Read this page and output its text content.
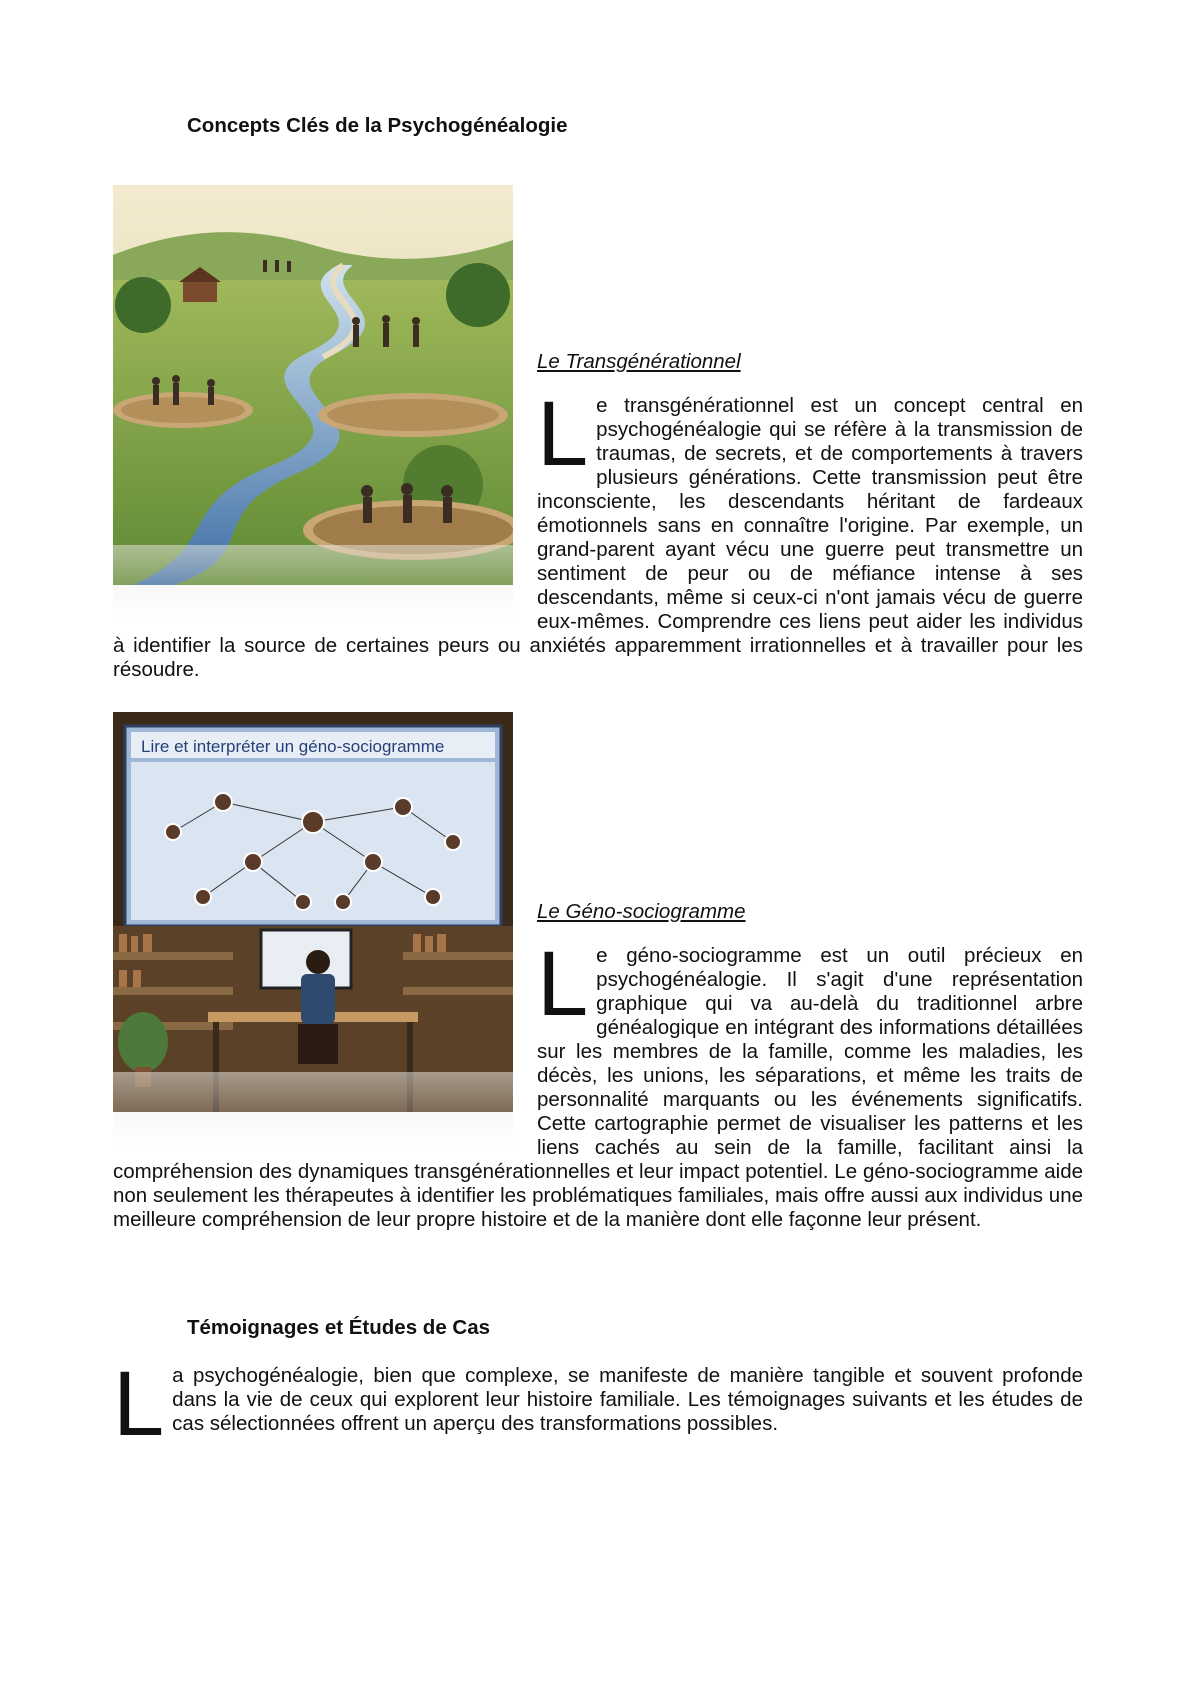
Concepts Clés de la Psychogénéalogie

Le Transgénérationnel

Le transgénérationnel est un concept central en psychogénéalogie qui se réfère à la transmission de traumas, de secrets, et de comportements à travers plusieurs générations. Cette transmission peut être inconsciente, les descendants héritant de fardeaux émotionnels sans en connaître l'origine. Par exemple, un grand-parent ayant vécu une guerre peut transmettre un sentiment de peur ou de méfiance intense à ses descendants, même si ceux-ci n'ont jamais vécu de guerre eux-mêmes. Comprendre ces liens peut aider les individus à identifier la source de certaines peurs ou anxiétés apparemment irrationnelles et à travailler pour les résoudre.

Lire et interpréter un géno-sociogramme

Le Géno-sociogramme

Le géno-sociogramme est un outil précieux en psychogénéalogie. Il s'agit d'une représentation graphique qui va au-delà du traditionnel arbre généalogique en intégrant des informations détaillées sur les membres de la famille, comme les maladies, les décès, les unions, les séparations, et même les traits de personnalité marquants ou les événements significatifs. Cette cartographie permet de visualiser les patterns et les liens cachés au sein de la famille, facilitant ainsi la compréhension des dynamiques transgénérationnelles et leur impact potentiel. Le géno-sociogramme aide non seulement les thérapeutes à identifier les problématiques familiales, mais offre aussi aux individus une meilleure compréhension de leur propre histoire et de la manière dont elle façonne leur présent.

Témoignages et Études de Cas

La psychogénéalogie, bien que complexe, se manifeste de manière tangible et souvent profonde dans la vie de ceux qui explorent leur histoire familiale. Les témoignages suivants et les études de cas sélectionnées offrent un aperçu des transformations possibles.
